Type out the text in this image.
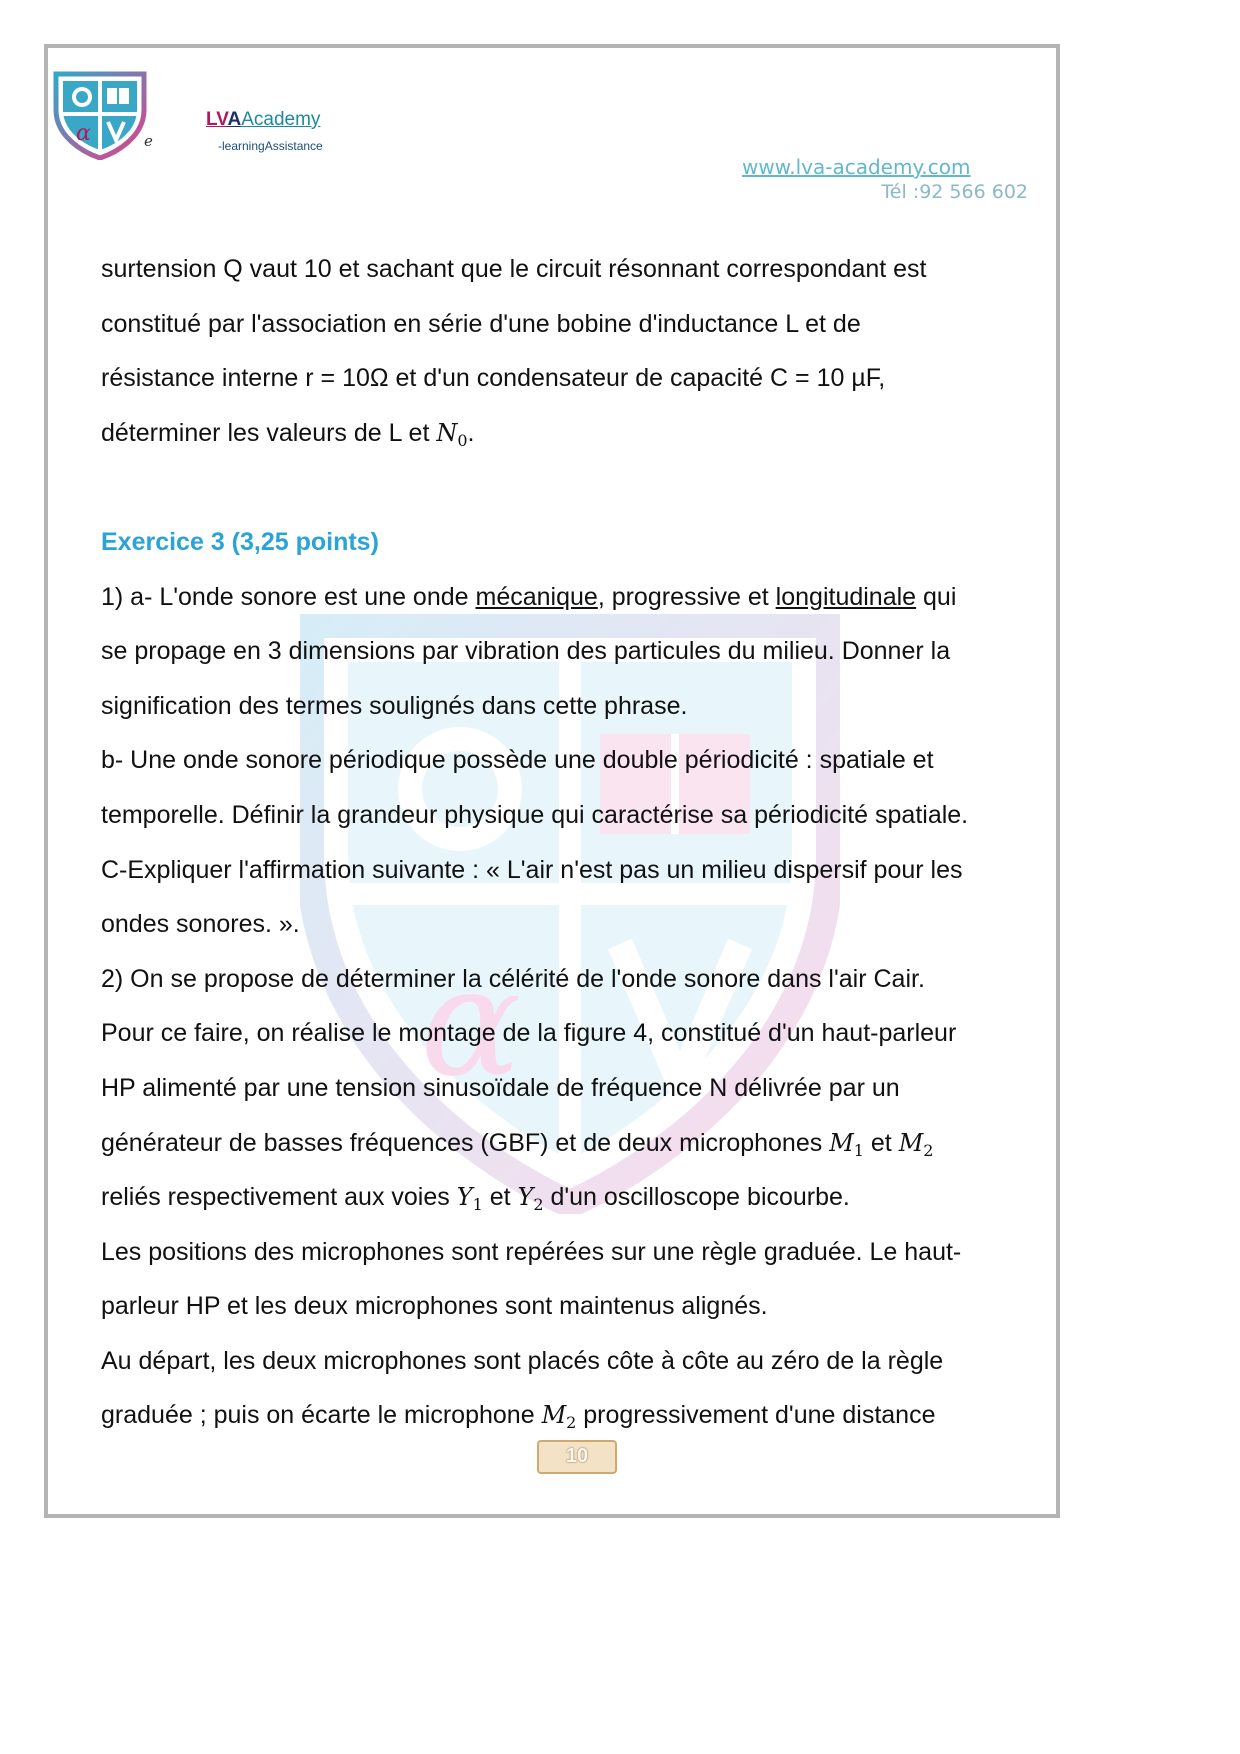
α
LVAAcademy
e	-learningAssistance
www.lva-academy.com
Tél :92 566 602
α

surtension Q vaut 10 et sachant que le circuit résonnant correspondant est

constitué par l'association en série d'une bobine d'inductance L et de

résistance interne r = 10Ω et d'un condensateur de capacité C = 10 µF,

déterminer les valeurs de L et $N_0$.

Exercice 3 (3,25 points)

1) a- L'onde sonore est une onde mécanique, progressive et longitudinale qui

se propage en 3 dimensions par vibration des particules du milieu. Donner la

signification des termes soulignés dans cette phrase.

b- Une onde sonore périodique possède une double périodicité : spatiale et

temporelle. Définir la grandeur physique qui caractérise sa périodicité spatiale.

C-Expliquer l'affirmation suivante : « L'air n'est pas un milieu dispersif pour les

ondes sonores. ».

2) On se propose de déterminer la célérité de l'onde sonore dans l'air Cair.

Pour ce faire, on réalise le montage de la figure 4, constitué d'un haut-parleur

HP alimenté par une tension sinusoïdale de fréquence N délivrée par un

générateur de basses fréquences (GBF) et de deux microphones $M_1$ et $M_2$

reliés respectivement aux voies $Y_1$ et $Y_2$ d'un oscilloscope bicourbe.

Les positions des microphones sont repérées sur une règle graduée. Le haut-

parleur HP et les deux microphones sont maintenus alignés.

Au départ, les deux microphones sont placés côte à côte au zéro de la règle

graduée ; puis on écarte le microphone $M_2$ progressivement d'une distance

10
